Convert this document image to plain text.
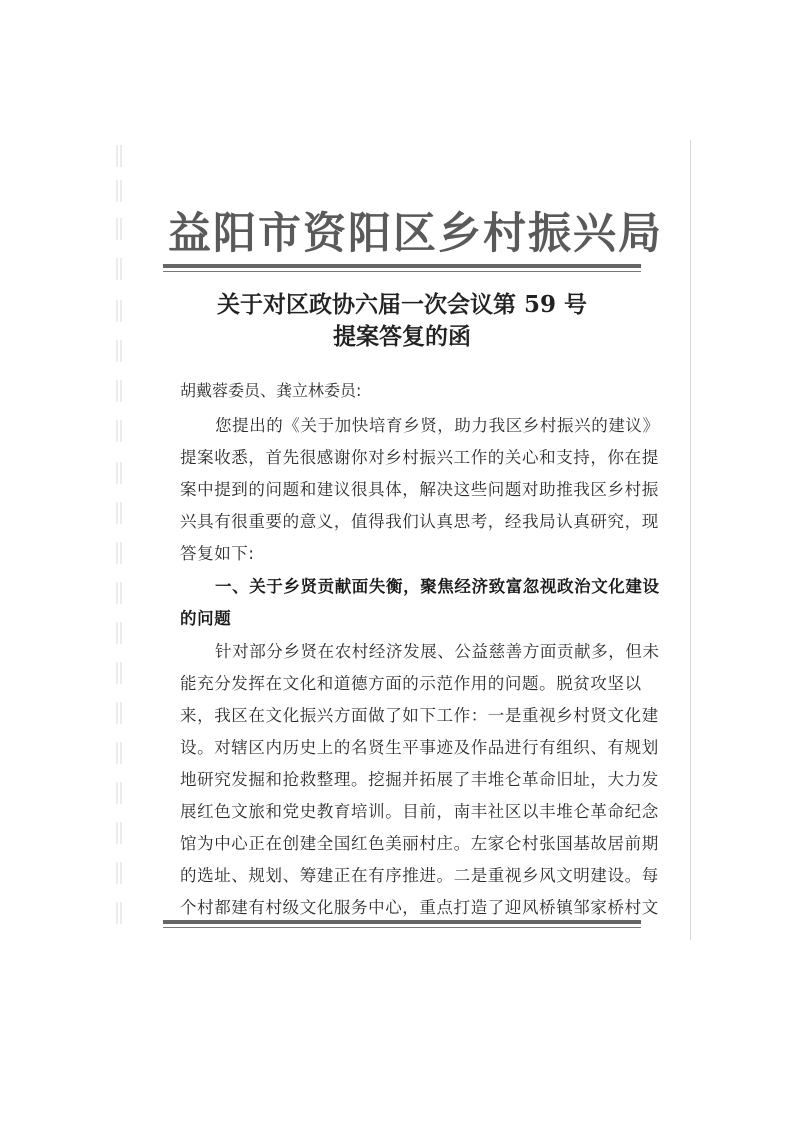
益阳市资阳区乡村振兴局
关于对区政协六届一次会议第 59 号
提案答复的函
胡戴蓉委员、龚立林委员:
您提出的《关于加快培育乡贤，助力我区乡村振兴的建议》
提案收悉，首先很感谢你对乡村振兴工作的关心和支持，你在提
案中提到的问题和建议很具体，解决这些问题对助推我区乡村振
兴具有很重要的意义，值得我们认真思考，经我局认真研究，现
答复如下:
一、关于乡贤贡献面失衡，聚焦经济致富忽视政治文化建设
的问题
针对部分乡贤在农村经济发展、公益慈善方面贡献多，但未
能充分发挥在文化和道德方面的示范作用的问题。脱贫攻坚以
来，我区在文化振兴方面做了如下工作：一是重视乡村贤文化建
设。对辖区内历史上的名贤生平事迹及作品进行有组织、有规划
地研究发掘和抢救整理。挖掘并拓展了丰堆仑革命旧址，大力发
展红色文旅和党史教育培训。目前，南丰社区以丰堆仑革命纪念
馆为中心正在创建全国红色美丽村庄。左家仑村张国基故居前期
的选址、规划、筹建正在有序推进。二是重视乡风文明建设。每
个村都建有村级文化服务中心，重点打造了迎风桥镇邹家桥村文
